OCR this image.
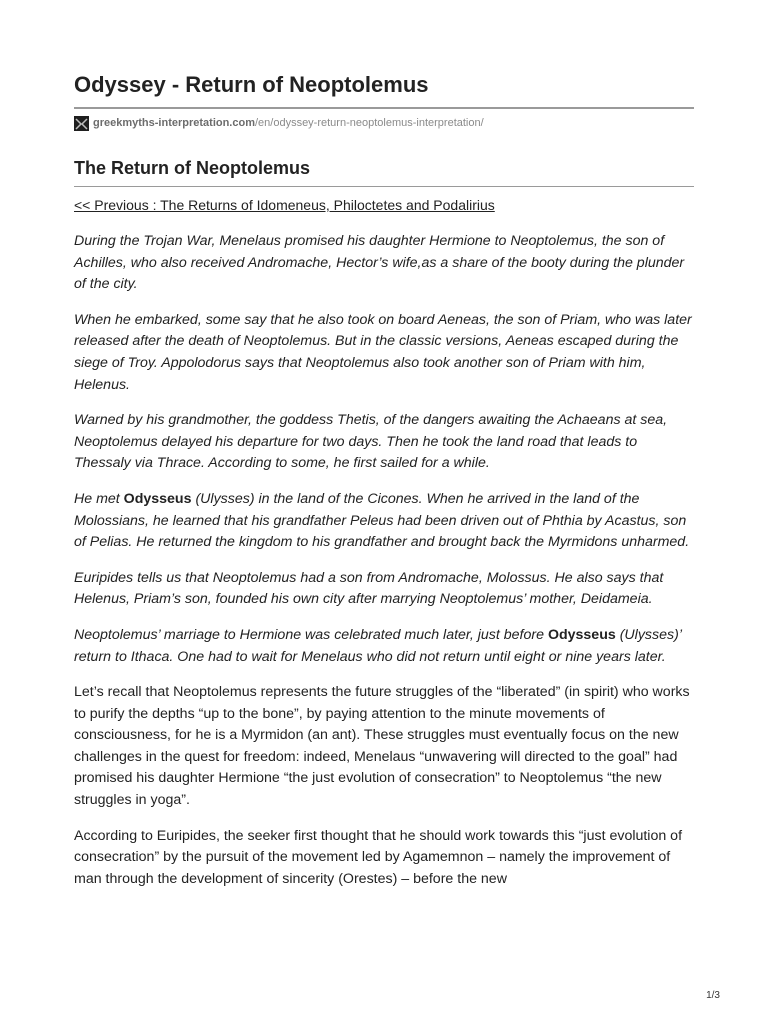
Odyssey - Return of Neoptolemus
greekmyths-interpretation.com /en/odyssey-return-neoptolemus-interpretation/
The Return of Neoptolemus
<< Previous : The Returns of Idomeneus, Philoctetes and Podalirius

During the Trojan War, Menelaus promised his daughter Hermione to Neoptolemus, the son of Achilles, who also received Andromache, Hector’s wife,as a share of the booty during the plunder of the city.

When he embarked, some say that he also took on board Aeneas, the son of Priam, who was later released after the death of Neoptolemus. But in the classic versions, Aeneas escaped during the siege of Troy. Appolodorus says that Neoptolemus also took another son of Priam with him, Helenus.

Warned by his grandmother, the goddess Thetis, of the dangers awaiting the Achaeans at sea, Neoptolemus delayed his departure for two days. Then he took the land road that leads to Thessaly via Thrace. According to some, he first sailed for a while.

He met Odysseus (Ulysses) in the land of the Cicones. When he arrived in the land of the Molossians, he learned that his grandfather Peleus had been driven out of Phthia by Acastus, son of Pelias. He returned the kingdom to his grandfather and brought back the Myrmidons unharmed.

Euripides tells us that Neoptolemus had a son from Andromache, Molossus. He also says that Helenus, Priam’s son, founded his own city after marrying Neoptolemus’ mother, Deidameia.

Neoptolemus’ marriage to Hermione was celebrated much later, just before Odysseus (Ulysses)’ return to Ithaca. One had to wait for Menelaus who did not return until eight or nine years later.

Let’s recall that Neoptolemus represents the future struggles of the “liberated” (in spirit) who works to purify the depths “up to the bone”, by paying attention to the minute movements of consciousness, for he is a Myrmidon (an ant). These struggles must eventually focus on the new challenges in the quest for freedom: indeed, Menelaus “unwavering will directed to the goal” had promised his daughter Hermione “the just evolution of consecration” to Neoptolemus “the new struggles in yoga”.

According to Euripides, the seeker first thought that he should work towards this “just evolution of consecration” by the pursuit of the movement led by Agamemnon – namely the improvement of man through the development of sincerity (Orestes) – before the new

1/3
